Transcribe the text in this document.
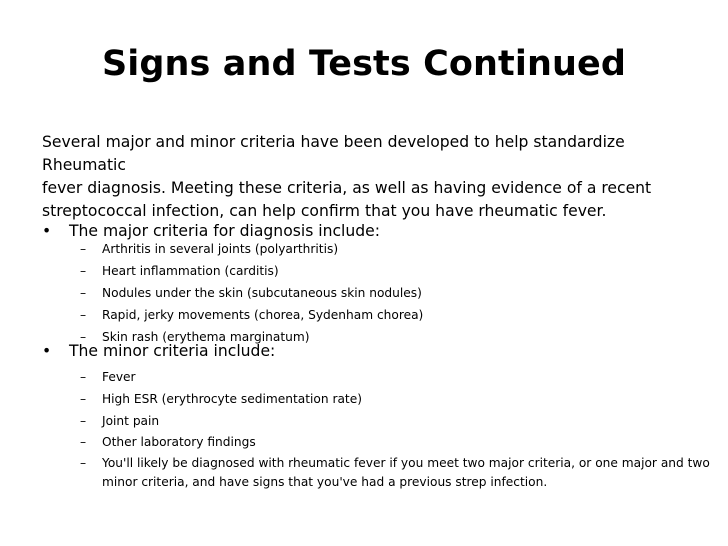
Signs and Tests Continued
Several major and minor criteria have been developed to help standardize Rheumatic
fever diagnosis. Meeting these criteria, as well as having evidence of a recent
streptococcal infection, can help confirm that you have rheumatic fever.
• The major criteria for diagnosis include:
– Arthritis in several joints (polyarthritis)
– Heart inflammation (carditis)
– Nodules under the skin (subcutaneous skin nodules)
– Rapid, jerky movements (chorea, Sydenham chorea)
– Skin rash (erythema marginatum)
• The minor criteria include:
– Fever
– High ESR (erythrocyte sedimentation rate)
– Joint pain
– Other laboratory findings
– You'll likely be diagnosed with rheumatic fever if you meet two major criteria, or one major and two
minor criteria, and have signs that you've had a previous strep infection.
